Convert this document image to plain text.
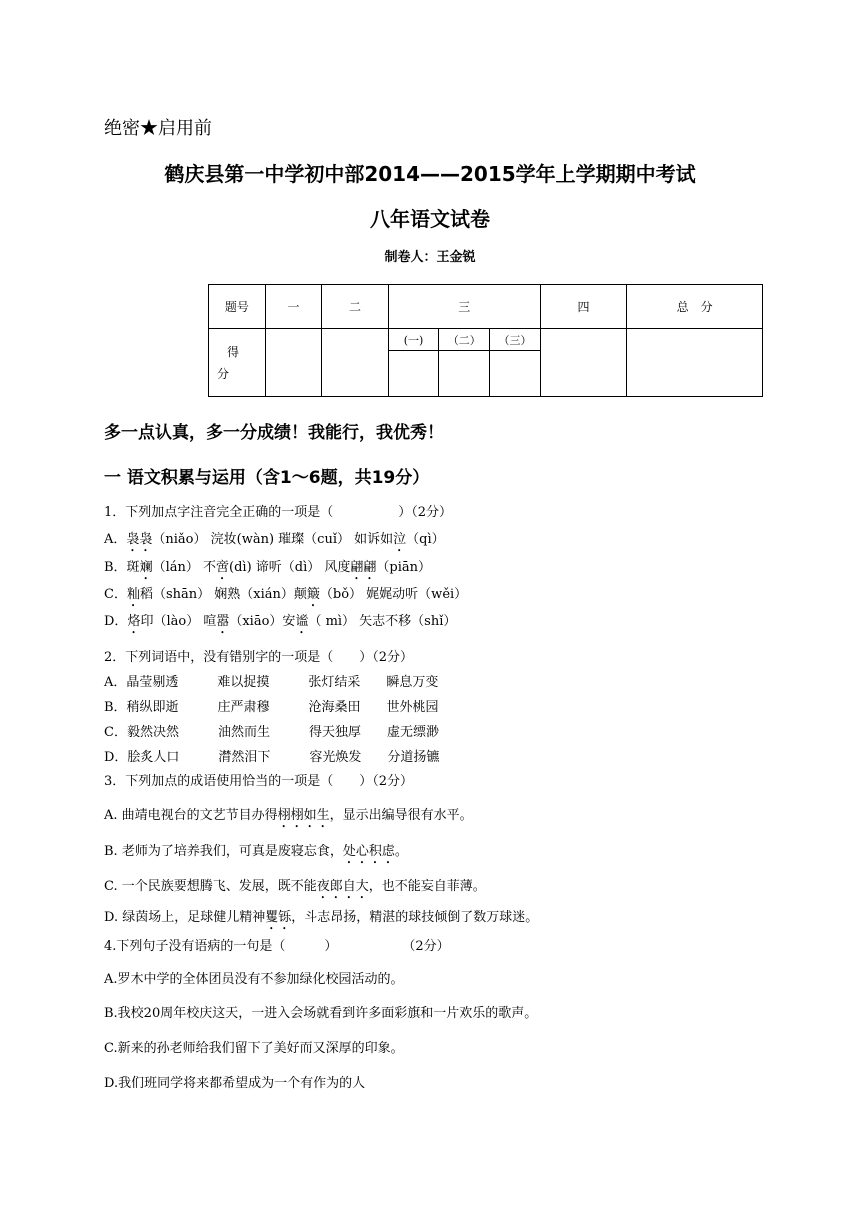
绝密★启用前
鹤庆县第一中学初中部2014——2015学年上学期期中考试
八年语文试卷
制卷人：王金锐
题号	一	二	三			四	总　分

得
分			(一)	（二）	（三）		

多一点认真，多一分成绩！我能行，我优秀！
一 语文积累与运用（含1～6题，共19分）
1．下列加点字注音完全正确的一项是（　　　　　）（2分）
A．袅袅（niǎo） 浣妆(wàn) 璀璨（cuǐ） 如诉如泣（qì）
B．斑斓（lán） 不啻(dì) 谛听（dì） 风度翩翩（piān）
C．籼稻（shān） 娴熟（xián）颠簸（bǒ） 娓娓动听（wěi）
D．烙印（lào） 喧嚣（xiāo）安谧（ mì） 矢志不移（shǐ）
2．下列词语中，没有错别字的一项是（　　）（2分）
A．晶莹剔透　　　难以捉摸　　　张灯结采　　瞬息万变
B．稍纵即逝　　　庄严肃穆　　　沧海桑田　　世外桃园
C．毅然决然　　　油然而生　　　得天独厚　　虚无缥渺
D．脍炙人口　　　潸然泪下　　　容光焕发　　分道扬镳
3．下列加点的成语使用恰当的一项是（　　）（2分）
A. 曲靖电视台的文艺节目办得栩栩如生，显示出编导很有水平。
B. 老师为了培养我们，可真是废寝忘食，处心积虑。
C. 一个民族要想腾飞、发展，既不能夜郎自大，也不能妄自菲薄。
D. 绿茵场上，足球健儿精神矍铄，斗志昂扬，精湛的球技倾倒了数万球迷。
4.下列句子没有语病的一句是（　　　）　　　　　　（2分）
A.罗木中学的全体团员没有不参加绿化校园活动的。
B.我校20周年校庆这天，一进入会场就看到许多面彩旗和一片欢乐的歌声。
C.新来的孙老师给我们留下了美好而又深厚的印象。
D.我们班同学将来都希望成为一个有作为的人
